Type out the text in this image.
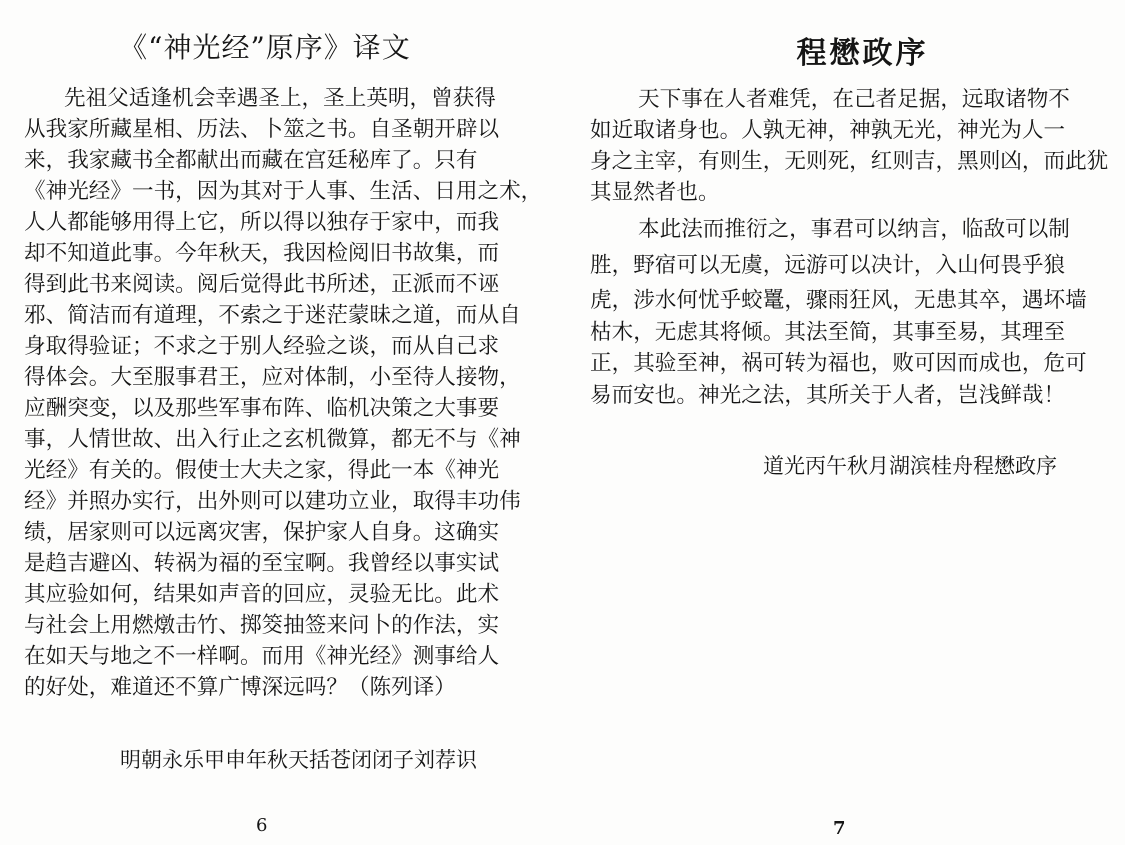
《“神光经”原序》译文
先祖父适逢机会幸遇圣上，圣上英明，曾获得
从我家所藏星相、历法、卜筮之书。自圣朝开辟以
来，我家藏书全都献出而藏在宫廷秘库了。只有
《神光经》一书，因为其对于人事、生活、日用之术，
人人都能够用得上它，所以得以独存于家中，而我
却不知道此事。今年秋天，我因检阅旧书故集，而
得到此书来阅读。阅后觉得此书所述，正派而不诬
邪、简洁而有道理，不索之于迷茫蒙昧之道，而从自
身取得验证；不求之于别人经验之谈，而从自己求
得体会。大至服事君王，应对体制，小至待人接物，
应酬突变，以及那些军事布阵、临机决策之大事要
事，人情世故、出入行止之玄机微算，都无不与《神
光经》有关的。假使士大夫之家，得此一本《神光
经》并照办实行，出外则可以建功立业，取得丰功伟
绩，居家则可以远离灾害，保护家人自身。这确实
是趋吉避凶、转祸为福的至宝啊。我曾经以事实试
其应验如何，结果如声音的回应，灵验无比。此术
与社会上用燃燉击竹、掷筊抽签来问卜的作法，实
在如天与地之不一样啊。而用《神光经》测事给人
的好处，难道还不算广博深远吗？（陈列译）
明朝永乐甲申年秋天括苍闭闭子刘荐识
6
程懋政序
天下事在人者难凭，在己者足据，远取诸物不
如近取诸身也。人孰无神，神孰无光，神光为人一
身之主宰，有则生，无则死，红则吉，黑则凶，而此犹
其显然者也。
本此法而推衍之，事君可以纳言，临敌可以制
胜，野宿可以无虞，远游可以决计，入山何畏乎狼
虎，涉水何忧乎蛟鼍，骤雨狂风，无患其卒，遇坏墙
枯木，无虑其将倾。其法至简，其事至易，其理至
正，其验至神，祸可转为福也，败可因而成也，危可
易而安也。神光之法，其所关于人者，岂浅鲜哉！
道光丙午秋月湖滨桂舟程懋政序
7
